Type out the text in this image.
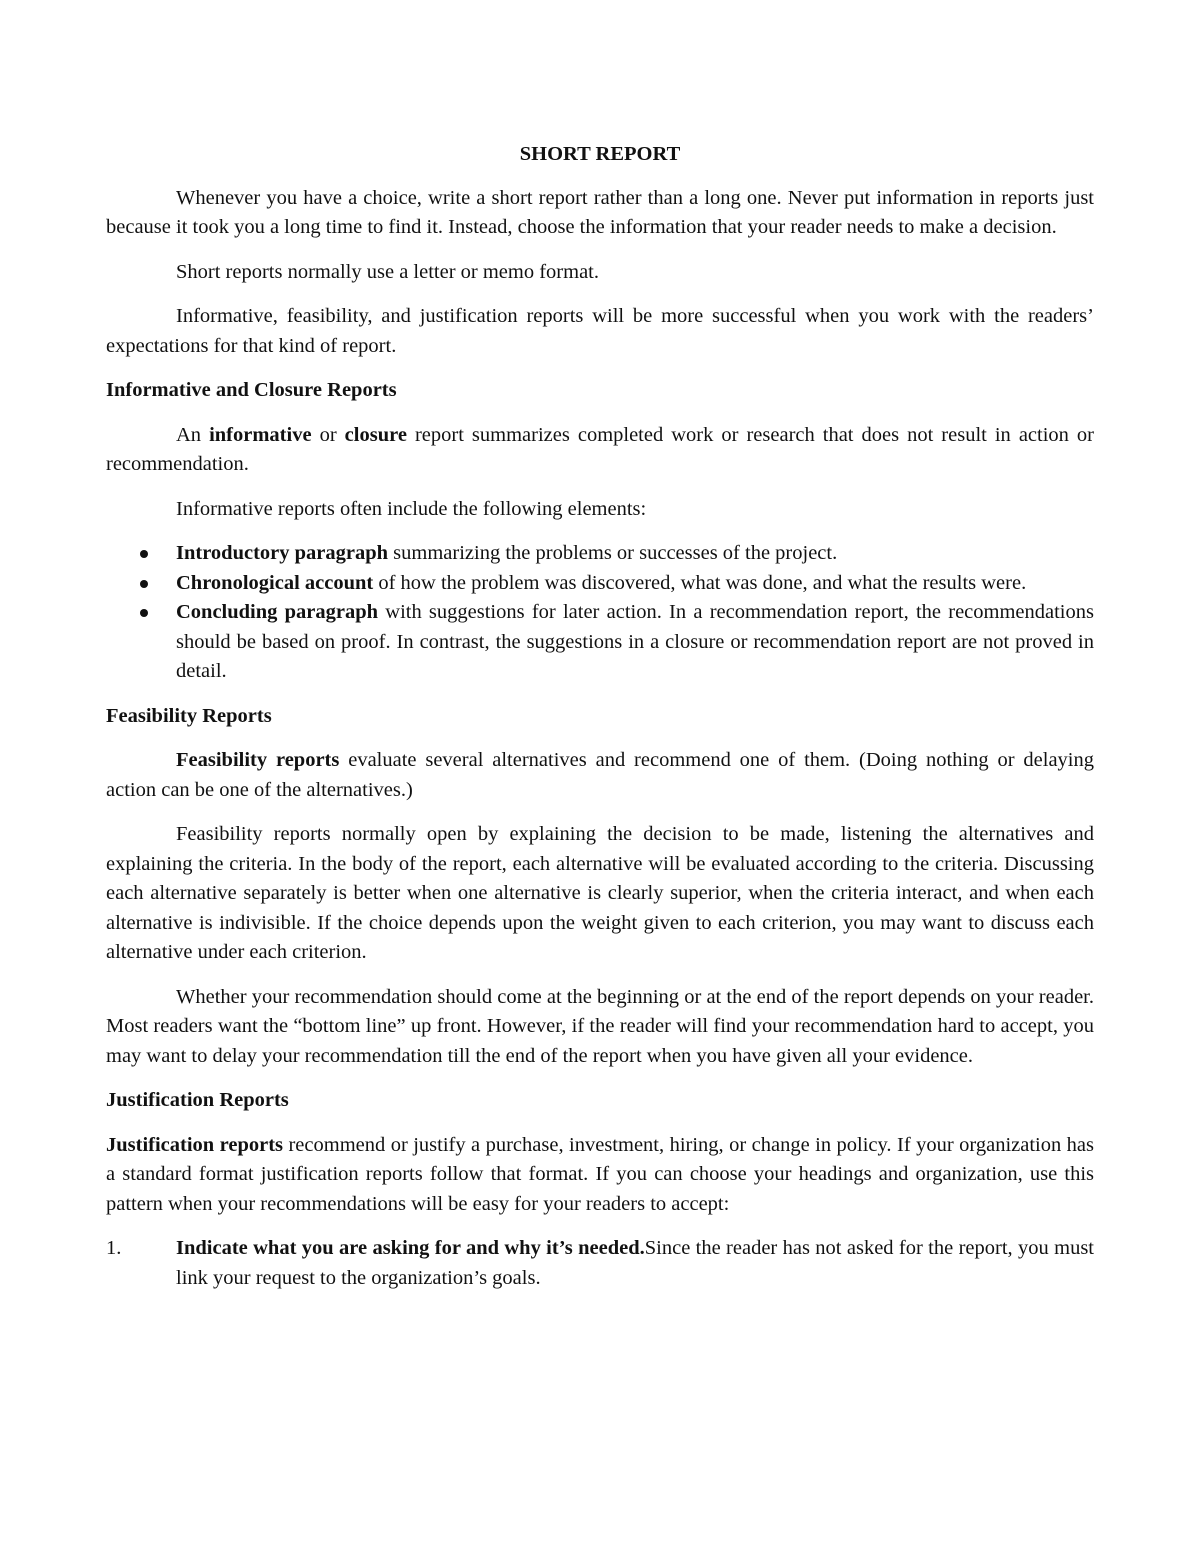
SHORT REPORT

Whenever you have a choice, write a short report rather than a long one. Never put information in reports just because it took you a long time to find it. Instead, choose the information that your reader needs to make a decision.

Short reports normally use a letter or memo format.

Informative, feasibility, and justification reports will be more successful when you work with the readers’ expectations for that kind of report.

Informative and Closure Reports

An informative or closure report summarizes completed work or research that does not result in action or recommendation.

Informative reports often include the following elements:

Introductory paragraph summarizing the problems or successes of the project.
Chronological account of how the problem was discovered, what was done, and what the results were.
Concluding paragraph with suggestions for later action. In a recommendation report, the recommendations should be based on proof. In contrast, the suggestions in a closure or recommendation report are not proved in detail.
Feasibility Reports

Feasibility reports evaluate several alternatives and recommend one of them. (Doing nothing or delaying action can be one of the alternatives.)

Feasibility reports normally open by explaining the decision to be made, listening the alternatives and explaining the criteria. In the body of the report, each alternative will be evaluated according to the criteria. Discussing each alternative separately is better when one alternative is clearly superior, when the criteria interact, and when each alternative is indivisible. If the choice depends upon the weight given to each criterion, you may want to discuss each alternative under each criterion.

Whether your recommendation should come at the beginning or at the end of the report depends on your reader. Most readers want the “bottom line” up front. However, if the reader will find your recommendation hard to accept, you may want to delay your recommendation till the end of the report when you have given all your evidence.

Justification Reports

Justification reports recommend or justify a purchase, investment, hiring, or change in policy. If your organization has a standard format justification reports follow that format. If you can choose your headings and organization, use this pattern when your recommendations will be easy for your readers to accept:

1.	Indicate what you are asking for and why it’s needed.Since the reader has not asked for the report, you must link your request to the organization’s goals.
